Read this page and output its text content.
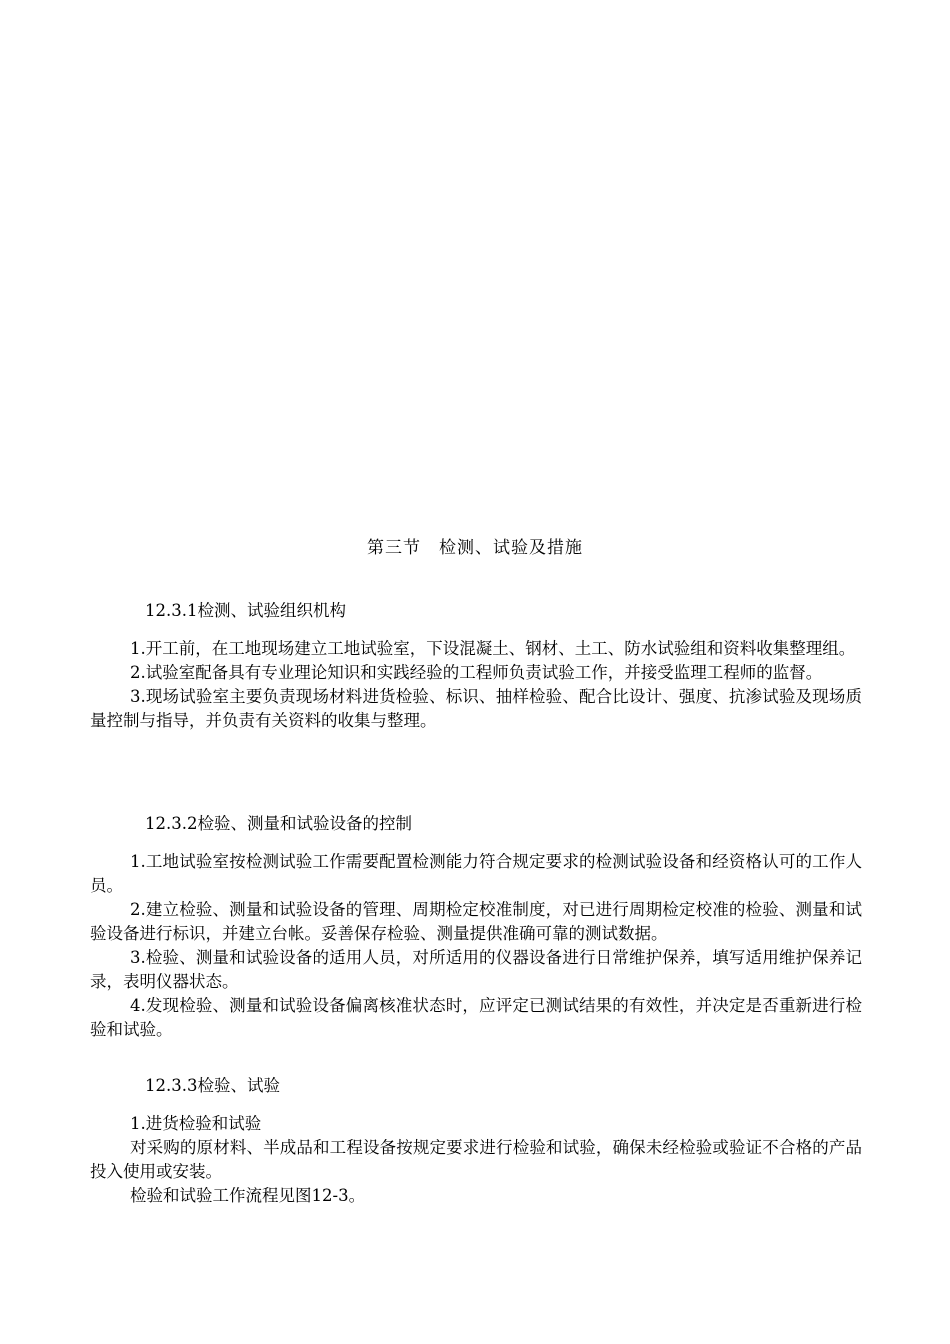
第三节　检测、试验及措施
12.3.1检测、试验组织机构

1.开工前，在工地现场建立工地试验室，下设混凝土、钢材、土工、防水试验组和资料收集整理组。

2.试验室配备具有专业理论知识和实践经验的工程师负责试验工作，并接受监理工程师的监督。

3.现场试验室主要负责现场材料进货检验、标识、抽样检验、配合比设计、强度、抗渗试验及现场质量控制与指导，并负责有关资料的收集与整理。

12.3.2检验、测量和试验设备的控制

1.工地试验室按检测试验工作需要配置检测能力符合规定要求的检测试验设备和经资格认可的工作人员。

2.建立检验、测量和试验设备的管理、周期检定校准制度，对已进行周期检定校准的检验、测量和试验设备进行标识，并建立台帐。妥善保存检验、测量提供准确可靠的测试数据。

3.检验、测量和试验设备的适用人员，对所适用的仪器设备进行日常维护保养，填写适用维护保养记录，表明仪器状态。

4.发现检验、测量和试验设备偏离核准状态时，应评定已测试结果的有效性，并决定是否重新进行检验和试验。

12.3.3检验、试验

1.进货检验和试验

对采购的原材料、半成品和工程设备按规定要求进行检验和试验，确保未经检验或验证不合格的产品投入使用或安装。

检验和试验工作流程见图12-3。
